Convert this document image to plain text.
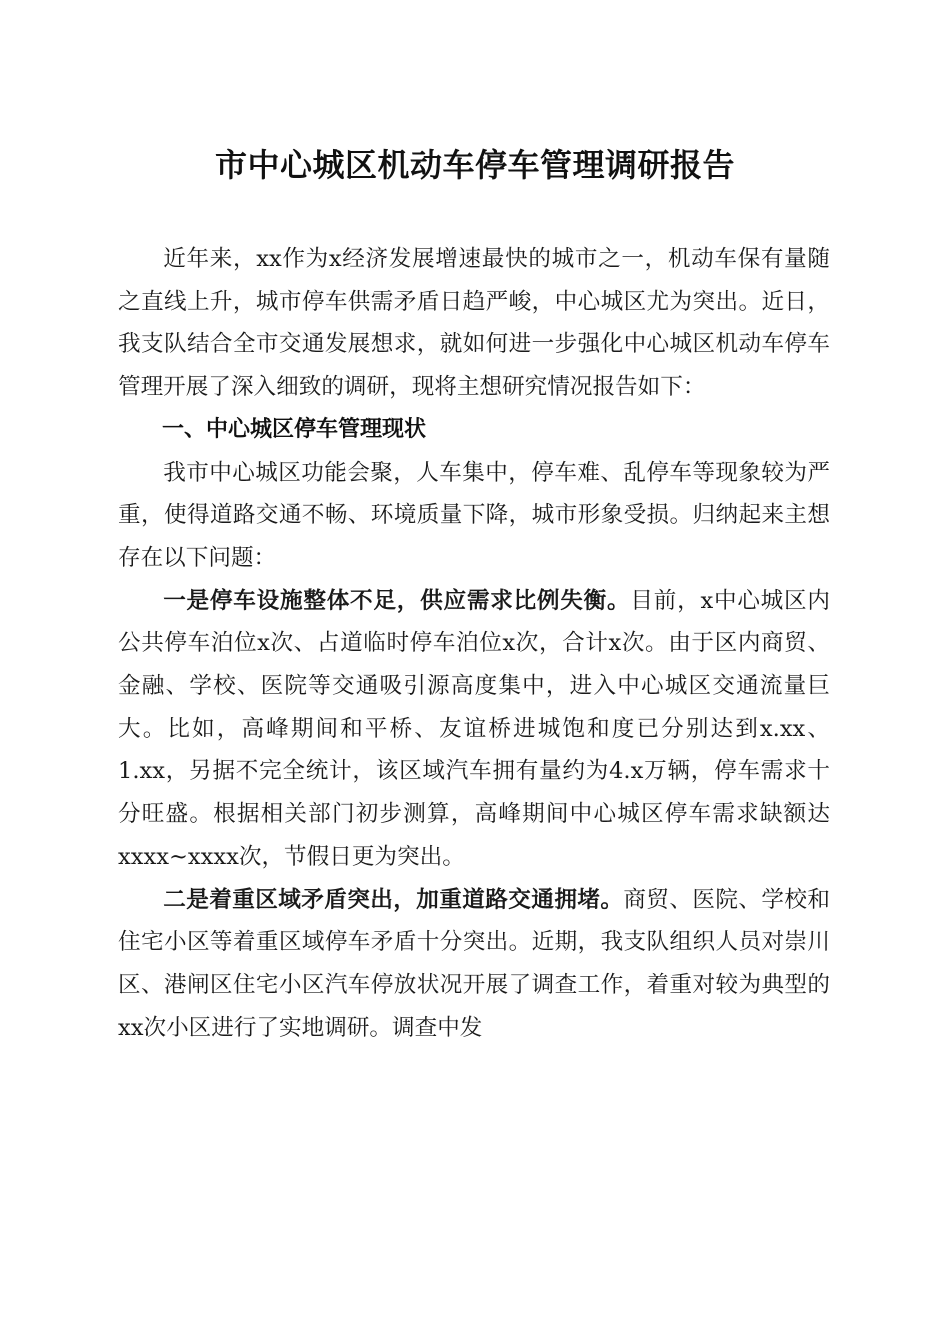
市中心城区机动车停车管理调研报告

近年来，xx作为x经济发展增速最快的城市之一，机动车保有量随之直线上升，城市停车供需矛盾日趋严峻，中心城区尤为突出。近日，我支队结合全市交通发展想求，就如何进一步强化中心城区机动车停车管理开展了深入细致的调研，现将主想研究情况报告如下：

一、中心城区停车管理现状

我市中心城区功能会聚，人车集中，停车难、乱停车等现象较为严重，使得道路交通不畅、环境质量下降，城市形象受损。归纳起来主想存在以下问题：

一是停车设施整体不足，供应需求比例失衡。目前，x中心城区内公共停车泊位x次、占道临时停车泊位x次，合计x次。由于区内商贸、金融、学校、医院等交通吸引源高度集中，进入中心城区交通流量巨大。比如，高峰期间和平桥、友谊桥进城饱和度已分别达到x.xx、1.xx，另据不完全统计，该区域汽车拥有量约为4.x万辆，停车需求十分旺盛。根据相关部门初步测算，高峰期间中心城区停车需求缺额达xxxx~xxxx次，节假日更为突出。

二是着重区域矛盾突出，加重道路交通拥堵。商贸、医院、学校和住宅小区等着重区域停车矛盾十分突出。近期，我支队组织人员对崇川区、港闸区住宅小区汽车停放状况开展了调查工作，着重对较为典型的xx次小区进行了实地调研。调查中发
